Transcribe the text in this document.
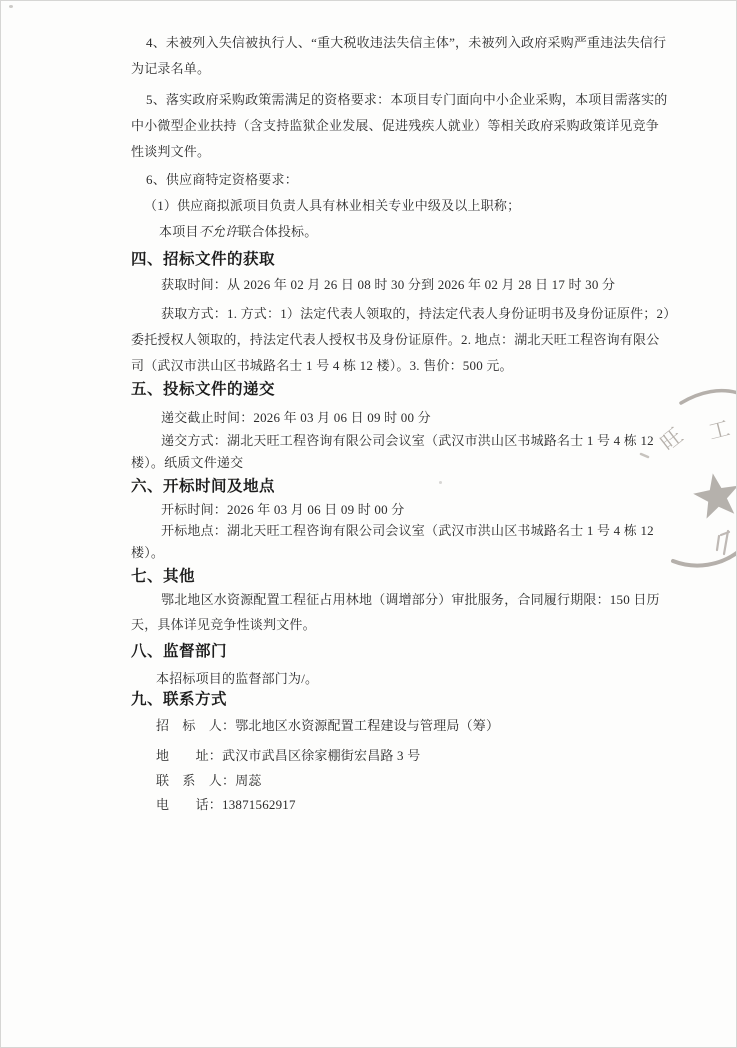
4、未被列入失信被执行人、“重大税收违法失信主体”，未被列入政府采购严重违法失信行
为记录名单。
5、落实政府采购政策需满足的资格要求：本项目专门面向中小企业采购，本项目需落实的
中小微型企业扶持（含支持监狱企业发展、促进残疾人就业）等相关政府采购政策详见竞争
性谈判文件。
6、供应商特定资格要求：
（1）供应商拟派项目负责人具有林业相关专业中级及以上职称；
本项目不允许联合体投标。
四、招标文件的获取
获取时间：从 2026 年 02 月 26 日 08 时 30 分到 2026 年 02 月 28 日 17 时 30 分
获取方式：1. 方式：1）法定代表人领取的，持法定代表人身份证明书及身份证原件；2）
委托授权人领取的，持法定代表人授权书及身份证原件。2. 地点：湖北天旺工程咨询有限公
司（武汉市洪山区书城路名士 1 号 4 栋 12 楼）。3. 售价：500 元。
五、投标文件的递交
递交截止时间：2026 年 03 月 06 日 09 时 00 分
递交方式：湖北天旺工程咨询有限公司会议室（武汉市洪山区书城路名士 1 号 4 栋 12
楼）。纸质文件递交
六、开标时间及地点
开标时间：2026 年 03 月 06 日 09 时 00 分
开标地点：湖北天旺工程咨询有限公司会议室（武汉市洪山区书城路名士 1 号 4 栋 12
楼）。
七、其他
鄂北地区水资源配置工程征占用林地（调增部分）审批服务，合同履行期限：150 日历
天，具体详见竞争性谈判文件。
八、监督部门
本招标项目的监督部门为/。
九、联系方式
招　标　人：鄂北地区水资源配置工程建设与管理局（筹）
地　　址：武汉市武昌区徐家棚街宏昌路 3 号
联　系　人：周蕊
电　　话：13871562917
旺 工
